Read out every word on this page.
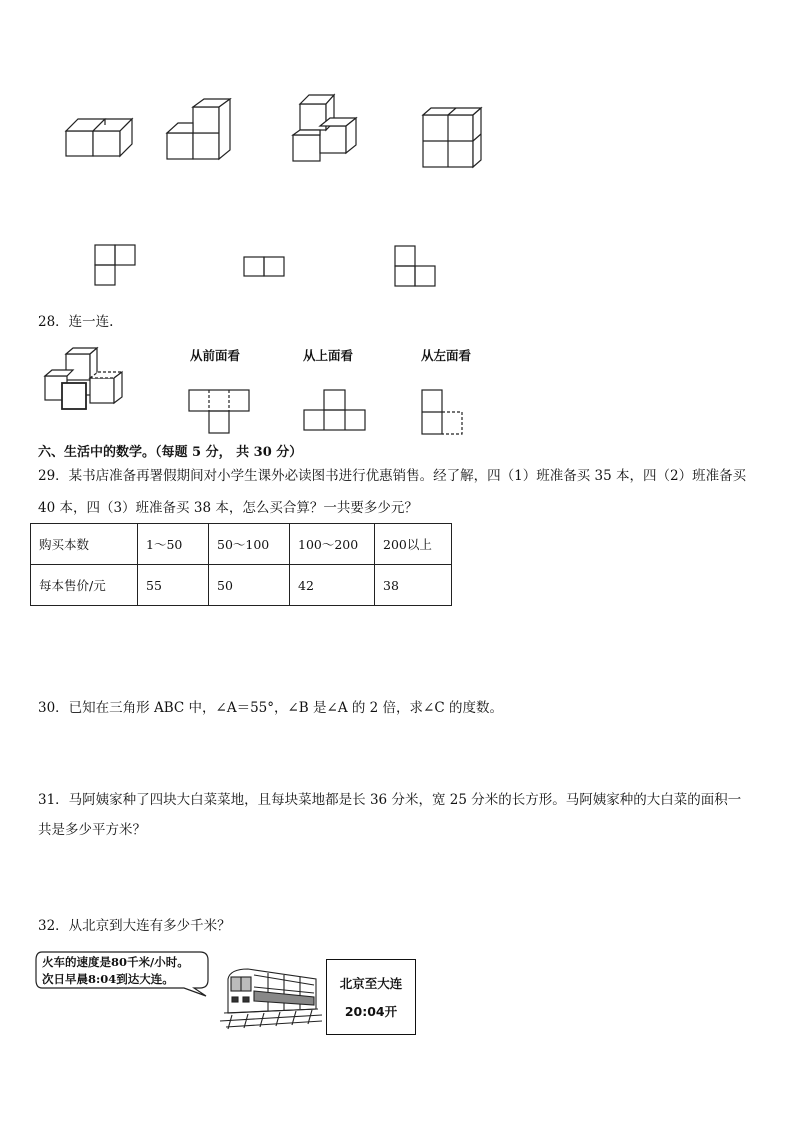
28．连一连.
从前面看	从上面看	从左面看
六、生活中的数学。（每题 5 分， 共 30 分）
29．某书店准备再署假期间对小学生课外必读图书进行优惠销售。经了解，四（1）班准备买 35 本，四（2）班准备买
40 本，四（3）班准备买 38 本，怎么买合算？一共要多少元？
购买本数	1～50	50～100	100～200	200以上
每本售价/元	55	50	42	38
30．已知在三角形 ABC 中，∠A＝55°，∠B 是∠A 的 2 倍，求∠C 的度数。
31．马阿姨家种了四块大白菜菜地，且每块菜地都是长 36 分米，宽 25 分米的长方形。马阿姨家种的大白菜的面积一
共是多少平方米？
32．从北京到大连有多少千米？
火车的速度是80千米/小时。
次日早晨8:04到达大连。	北京至大连
20:04开
